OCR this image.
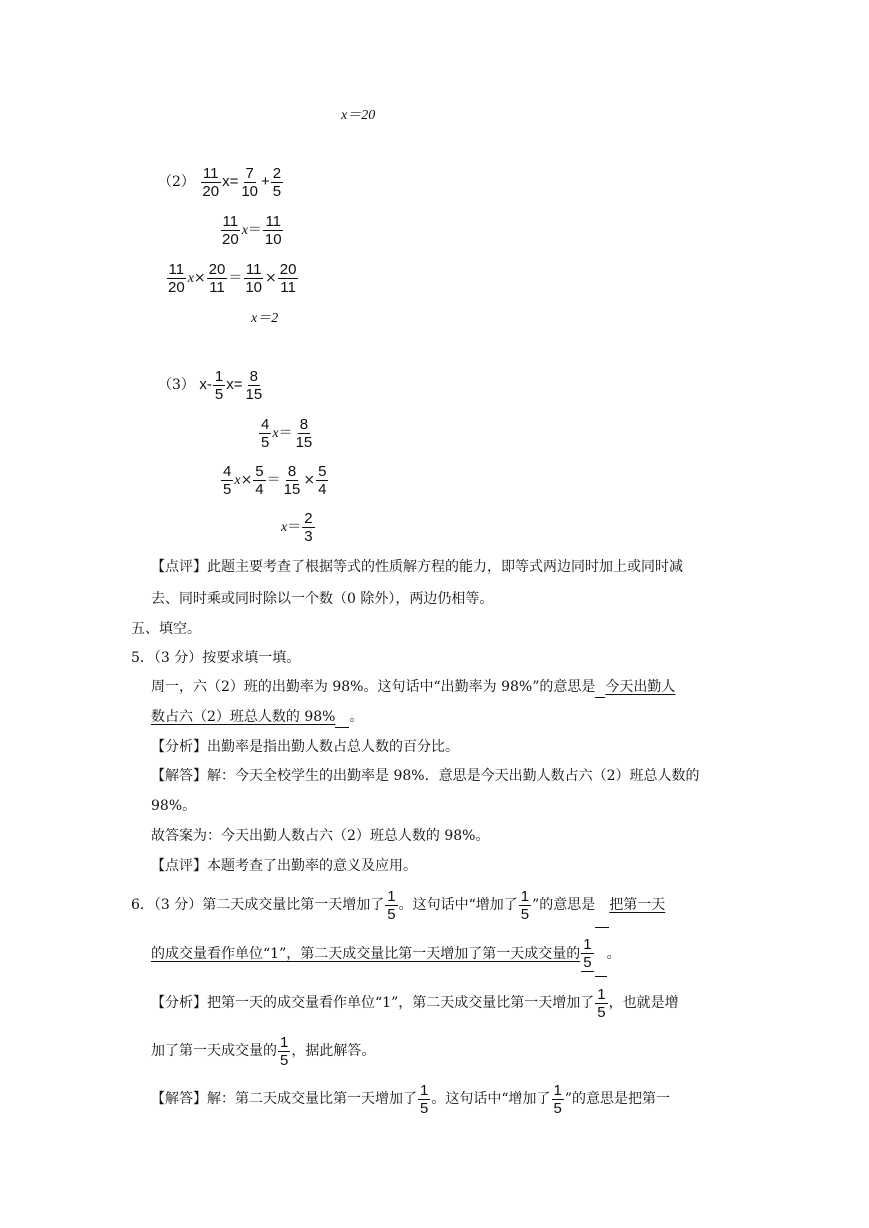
x＝20
$(2) \frac{11}{20} x= \frac{7}{10} + \frac{2}{5}$
$\frac{11}{20} x= \frac{11}{10}$
$\frac{11}{20} x\times \frac{20}{11} = \frac{11}{10} \times \frac{20}{11}$
x＝2
（3） $x- \frac{1}{5} x= \frac{8}{15}$
$\frac{4}{5} x= \frac{8}{15}$
$\frac{4}{5} x\times \frac{5}{4} = \frac{8}{15} \times \frac{5}{4}$
$x= \frac{2}{3}$
【点评】此题主要考查了根据等式的性质解方程的能力，即等式两边同时加上或同时减
去、同时乘或同时除以一个数（0 除外），两边仍相等。
五、填空。
5．（3 分）按要求填一填。
周一，六（2）班的出勤率为 98%。这句话中“出勤率为 98%”的意思是 今天出勤人
数占六（2）班总人数的 98% 。
【分析】出勤率是指出勤人数占总人数的百分比。
【解答】解：今天全校学生的出勤率是 98%．意思是今天出勤人数占六（2）班总人数的
98%。
故答案为：今天出勤人数占六（2）班总人数的 98%。
【点评】本题考查了出勤率的意义及应用。
6．（3 分）第二天成交量比第一天增加了 $\frac{1}{5}$ 。这句话中“增加了 $\frac{1}{5}$ ”的意思是 把第一天
的成交量看作单位“1”，第二天成交量比第一天增加了第一天成交量的 $\frac{1}{5}$ 。
【分析】把第一天的成交量看作单位“1”，第二天成交量比第一天增加了 $\frac{1}{5}$ ，也就是增
加了第一天成交量的 $\frac{1}{5}$ ，据此解答。
【解答】解：第二天成交量比第一天增加了 $\frac{1}{5}$ 。这句话中“增加了 $\frac{1}{5}$ ”的意思是把第一
